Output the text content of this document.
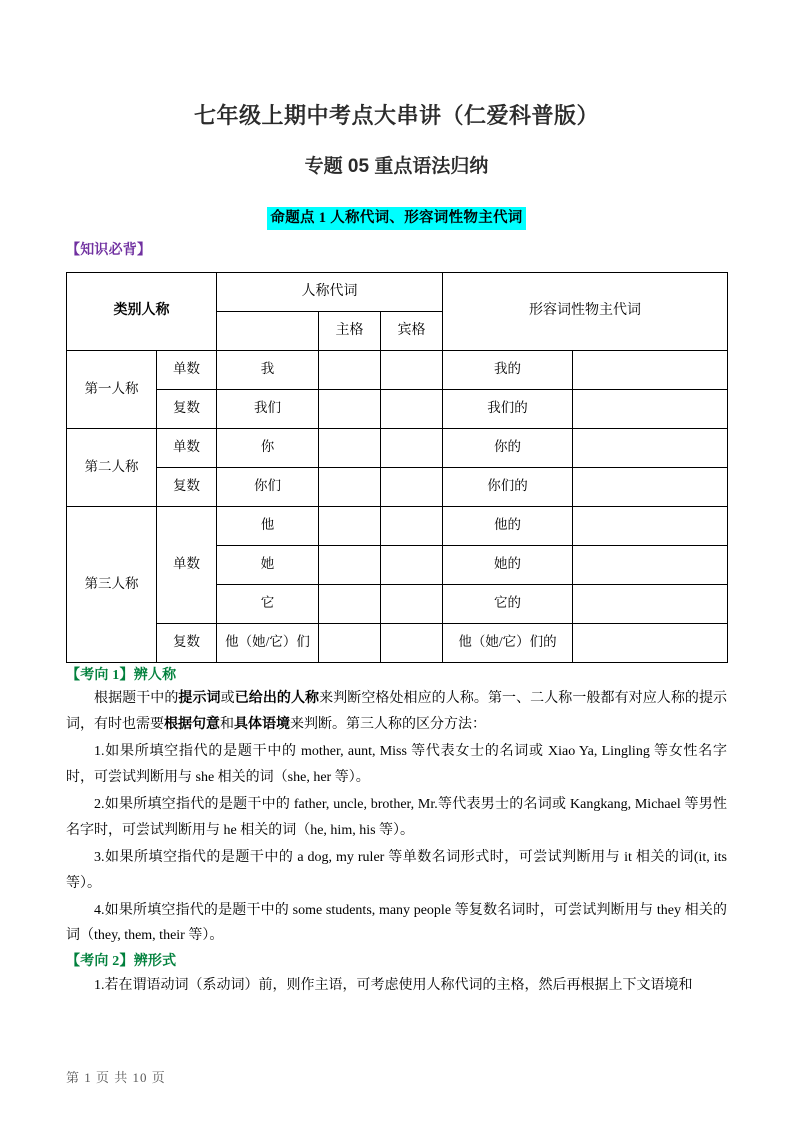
七年级上期中考点大串讲（仁爱科普版）
专题 05 重点语法归纳
命题点 1 人称代词、形容词性物主代词
【知识必背】
类别人称		人称代词			形容词性物主代词	
			主格	宾格		
第一人称	单数	我			我的	
	复数	我们			我们的	
第二人称	单数	你			你的	
	复数	你们			你们的	
第三人称	单数	他			他的	
		她			她的	
		它			它的	
	复数	他（她/它）们			他（她/它）们的	
【考向 1】辨人称

根据题干中的提示词或已给出的人称来判断空格处相应的人称。第一、二人称一般都有对应人称的提示词，有时也需要根据句意和具体语境来判断。第三人称的区分方法：

1.如果所填空指代的是题干中的 mother, aunt, Miss 等代表女士的名词或 Xiao Ya, Lingling 等女性名字时，可尝试判断用与 she 相关的词（she, her 等）。

2.如果所填空指代的是题干中的 father, uncle, brother, Mr.等代表男士的名词或 Kangkang, Michael 等男性名字时，可尝试判断用与 he 相关的词（he, him, his 等）。

3.如果所填空指代的是题干中的 a dog, my ruler 等单数名词形式时，可尝试判断用与 it 相关的词(it, its 等）。

4.如果所填空指代的是题干中的 some students, many people 等复数名词时，可尝试判断用与 they 相关的词（they, them, their 等）。

【考向 2】辨形式

1.若在谓语动词（系动词）前，则作主语，可考虑使用人称代词的主格，然后再根据上下文语境和

第 1 页 共 10 页
